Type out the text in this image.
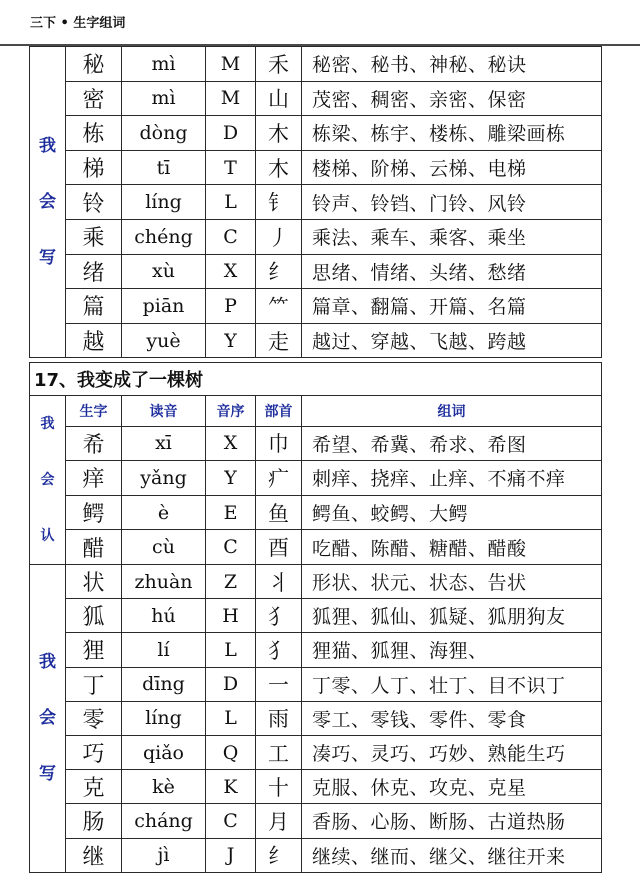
三下 • 生字组词
我会写	秘	mì	M	禾	秘密、秘书、神秘、秘诀
	密	mì	M	山	茂密、稠密、亲密、保密
	栋	dòng	D	木	栋梁、栋宇、楼栋、雕梁画栋
	梯	tī	T	木	楼梯、阶梯、云梯、电梯
	铃	líng	L	钅	铃声、铃铛、门铃、风铃
	乘	chéng	C	丿	乘法、乘车、乘客、乘坐
	绪	xù	X	纟	思绪、情绪、头绪、愁绪
	篇	piān	P	⺮	篇章、翻篇、开篇、名篇
	越	yuè	Y	走	越过、穿越、飞越、跨越
17、我变成了一棵树					
我会认	生字	读音	音序	部首	组词
	希	xī	X	巾	希望、希冀、希求、希图
	痒	yǎng	Y	疒	刺痒、挠痒、止痒、不痛不痒
	鳄	è	E	鱼	鳄鱼、蛟鳄、大鳄
	醋	cù	C	酉	吃醋、陈醋、糖醋、醋酸
我会写	状	zhuàn	Z	丬	形状、状元、状态、告状
	狐	hú	H	犭	狐狸、狐仙、狐疑、狐朋狗友
	狸	lí	L	犭	狸猫、狐狸、海狸、
	丁	dīng	D	一	丁零、人丁、壮丁、目不识丁
	零	líng	L	雨	零工、零钱、零件、零食
	巧	qiǎo	Q	工	凑巧、灵巧、巧妙、熟能生巧
	克	kè	K	十	克服、休克、攻克、克星
	肠	cháng	C	月	香肠、心肠、断肠、古道热肠
	继	jì	J	纟	继续、继而、继父、继往开来
